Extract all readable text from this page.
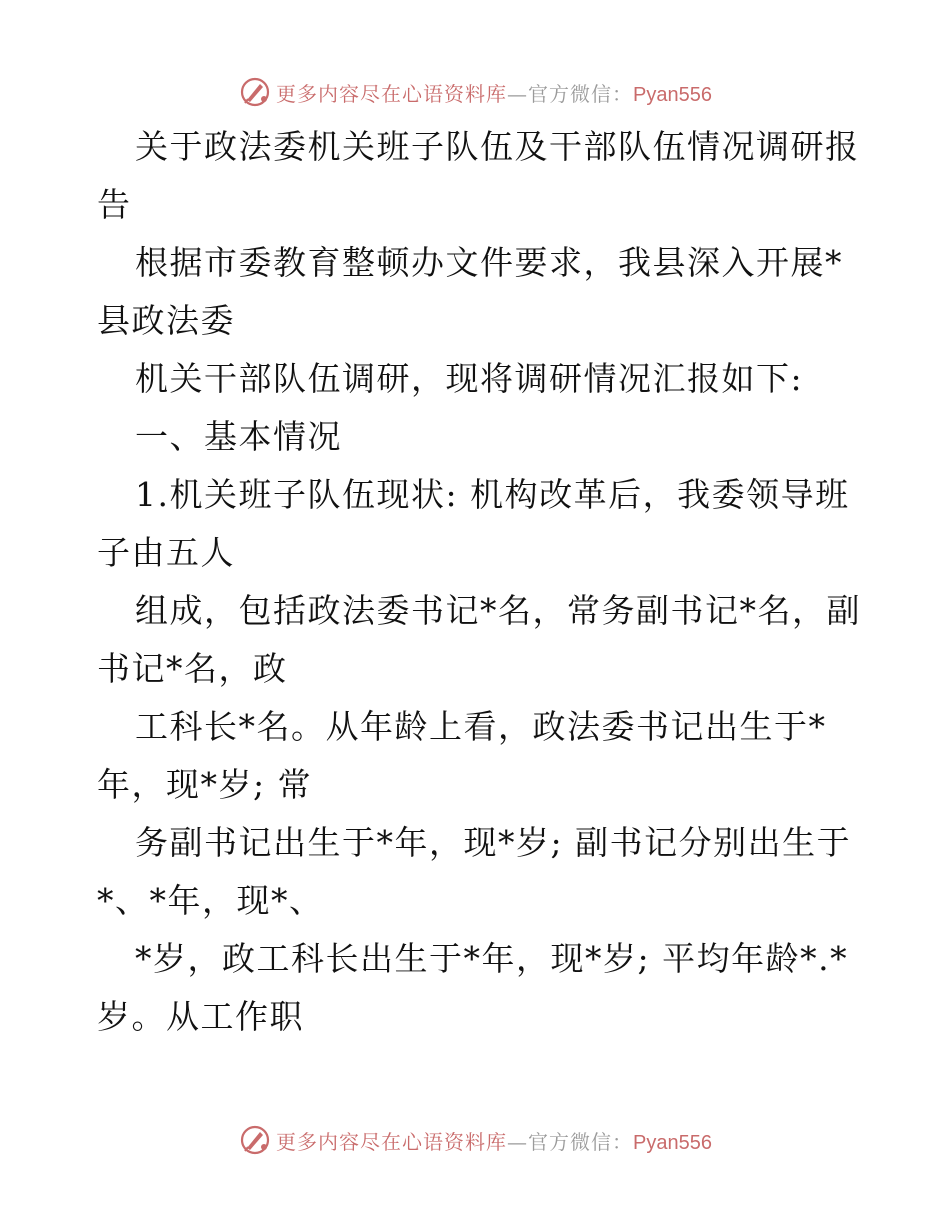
更多内容尽在心语资料库—官方微信：Pyan556
关于政法委机关班子队伍及干部队伍情况调研报
告
根据市委教育整顿办文件要求，我县深入开展*
县政法委
机关干部队伍调研，现将调研情况汇报如下:
一、基本情况
1.机关班子队伍现状: 机构改革后，我委领导班
子由五人
组成，包括政法委书记*名，常务副书记*名，副
书记*名，政
工科长*名。从年龄上看，政法委书记出生于*
年，现*岁; 常
务副书记出生于*年，现*岁; 副书记分别出生于
*、*年，现*、
*岁，政工科长出生于*年，现*岁; 平均年龄*.*
岁。从工作职
更多内容尽在心语资料库—官方微信：Pyan556
